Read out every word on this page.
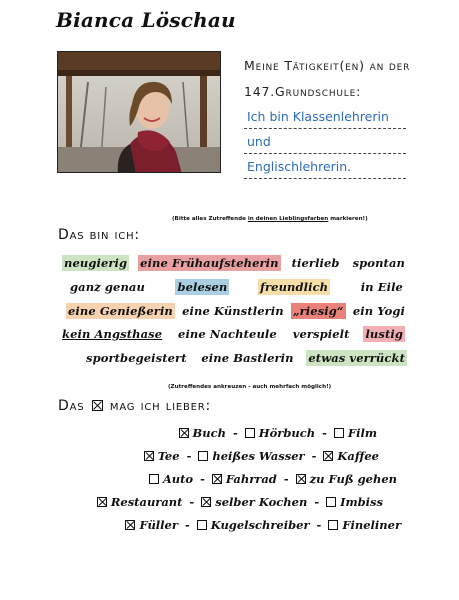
Bianca Löschau
Meine Tätigkeit(en) an der
147.Grundschule:
Ich bin Klassenlehrerin
und
Englischlehrerin.
(Bitte alles Zutreffende in deinen Lieblingsfarben markieren!)
Das bin ich:
neugierig eine Frühaufsteherin tierlieb spontan
ganz genau	belesen	freundlich	in Eile
eine Genießerin eine Künstlerin „riesig“ ein Yogi
kein Angsthase eine Nachteule verspielt lustig
sportbegeistert eine Bastlerin etwas verrückt
(Zutreffendes ankreuzen - auch mehrfach möglich!)
Das mag ich lieber:
Buch - Hörbuch - Film
Tee - heißes Wasser - Kaffee
Auto - Fahrrad - zu Fuß gehen
Restaurant - selber Kochen - Imbiss
Füller - Kugelschreiber - Fineliner
